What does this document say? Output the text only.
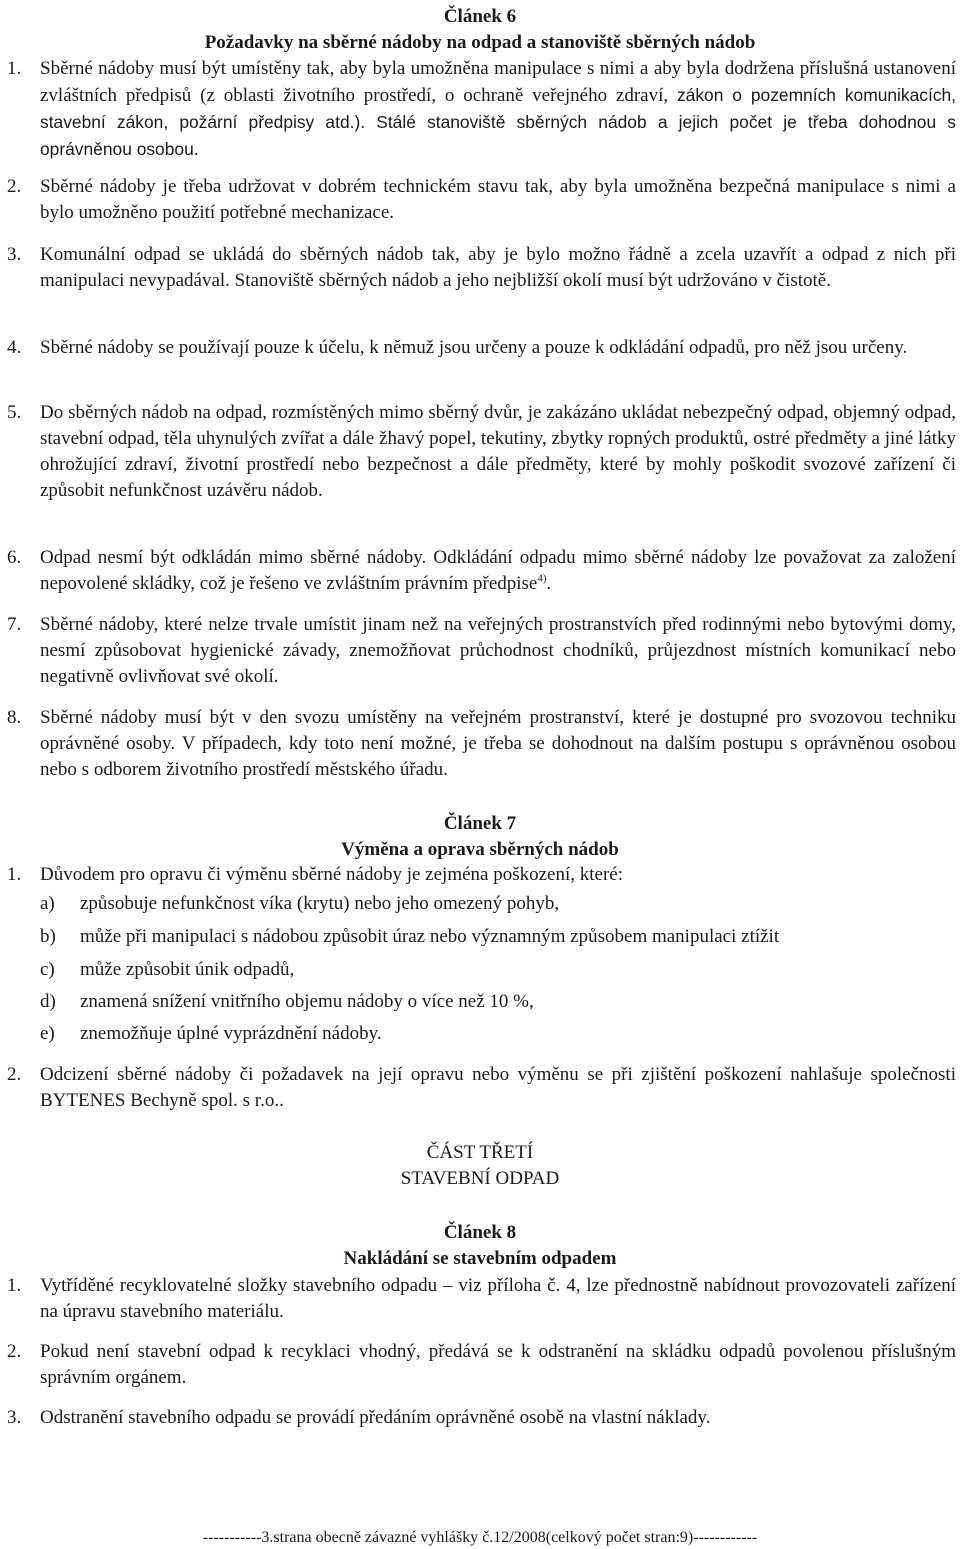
Článek 6
Požadavky na sběrné nádoby na odpad a stanoviště sběrných nádob
1. Sběrné nádoby musí být umístěny tak, aby byla umožněna manipulace s nimi a aby byla dodržena příslušná ustanovení zvláštních předpisů (z oblasti životního prostředí, o ochraně veřejného zdraví, zákon o pozemních komunikacích, stavební zákon, požární předpisy atd.). Stálé stanoviště sběrných nádob a jejich počet je třeba dohodnou s oprávněnou osobou.
2. Sběrné nádoby je třeba udržovat v dobrém technickém stavu tak, aby byla umožněna bezpečná manipulace s nimi a bylo umožněno použití potřebné mechanizace.
3. Komunální odpad se ukládá do sběrných nádob tak, aby je bylo možno řádně a zcela uzavřít a odpad z nich při manipulaci nevypadával. Stanoviště sběrných nádob a jeho nejbližší okolí musí být udržováno v čistotě.
4. Sběrné nádoby se používají pouze k účelu, k němuž jsou určeny a pouze k odkládání odpadů, pro něž jsou určeny.
5. Do sběrných nádob na odpad, rozmístěných mimo sběrný dvůr, je zakázáno ukládat nebezpečný odpad, objemný odpad, stavební odpad, těla uhynulých zvířat a dále žhavý popel, tekutiny, zbytky ropných produktů, ostré předměty a jiné látky ohrožující zdraví, životní prostředí nebo bezpečnost a dále předměty, které by mohly poškodit svozové zařízení či způsobit nefunkčnost uzávěru nádob.
6. Odpad nesmí být odkládán mimo sběrné nádoby. Odkládání odpadu mimo sběrné nádoby lze považovat za založení nepovolené skládky, což je řešeno ve zvláštním právním předpise$^{4)}$.
7. Sběrné nádoby, které nelze trvale umístit jinam než na veřejných prostranstvích před rodinnými nebo bytovými domy, nesmí způsobovat hygienické závady, znemožňovat průchodnost chodníků, průjezdnost místních komunikací nebo negativně ovlivňovat své okolí.
8. Sběrné nádoby musí být v den svozu umístěny na veřejném prostranství, které je dostupné pro svozovou techniku oprávněné osoby. V případech, kdy toto není možné, je třeba se dohodnout na dalším postupu s oprávněnou osobou nebo s odborem životního prostředí městského úřadu.
Článek 7
Výměna a oprava sběrných nádob
1. Důvodem pro opravu či výměnu sběrné nádoby je zejména poškození, které:
a)	způsobuje nefunkčnost víka (krytu) nebo jeho omezený pohyb,
b)	může při manipulaci s nádobou způsobit úraz nebo významným způsobem manipulaci ztížit
c)	může způsobit únik odpadů,
d)	znamená snížení vnitřního objemu nádoby o více než 10 %,
e)	znemožňuje úplné vyprázdnění nádoby.
2. Odcizení sběrné nádoby či požadavek na její opravu nebo výměnu se při zjištění poškození nahlašuje společnosti BYTENES Bechyně spol. s r.o..
ČÁST TŘETÍ
STAVEBNÍ ODPAD
Článek 8
Nakládání se stavebním odpadem
1. Vytříděné recyklovatelné složky stavebního odpadu – viz příloha č. 4, lze přednostně nabídnout provozovateli zařízení na úpravu stavebního materiálu.
2. Pokud není stavební odpad k recyklaci vhodný, předává se k odstranění na skládku odpadů povolenou příslušným správním orgánem.
3. Odstranění stavebního odpadu se provádí předáním oprávněné osobě na vlastní náklady.
-----------3.strana obecně závazné vyhlášky č.12/2008(celkový počet stran:9)------------
